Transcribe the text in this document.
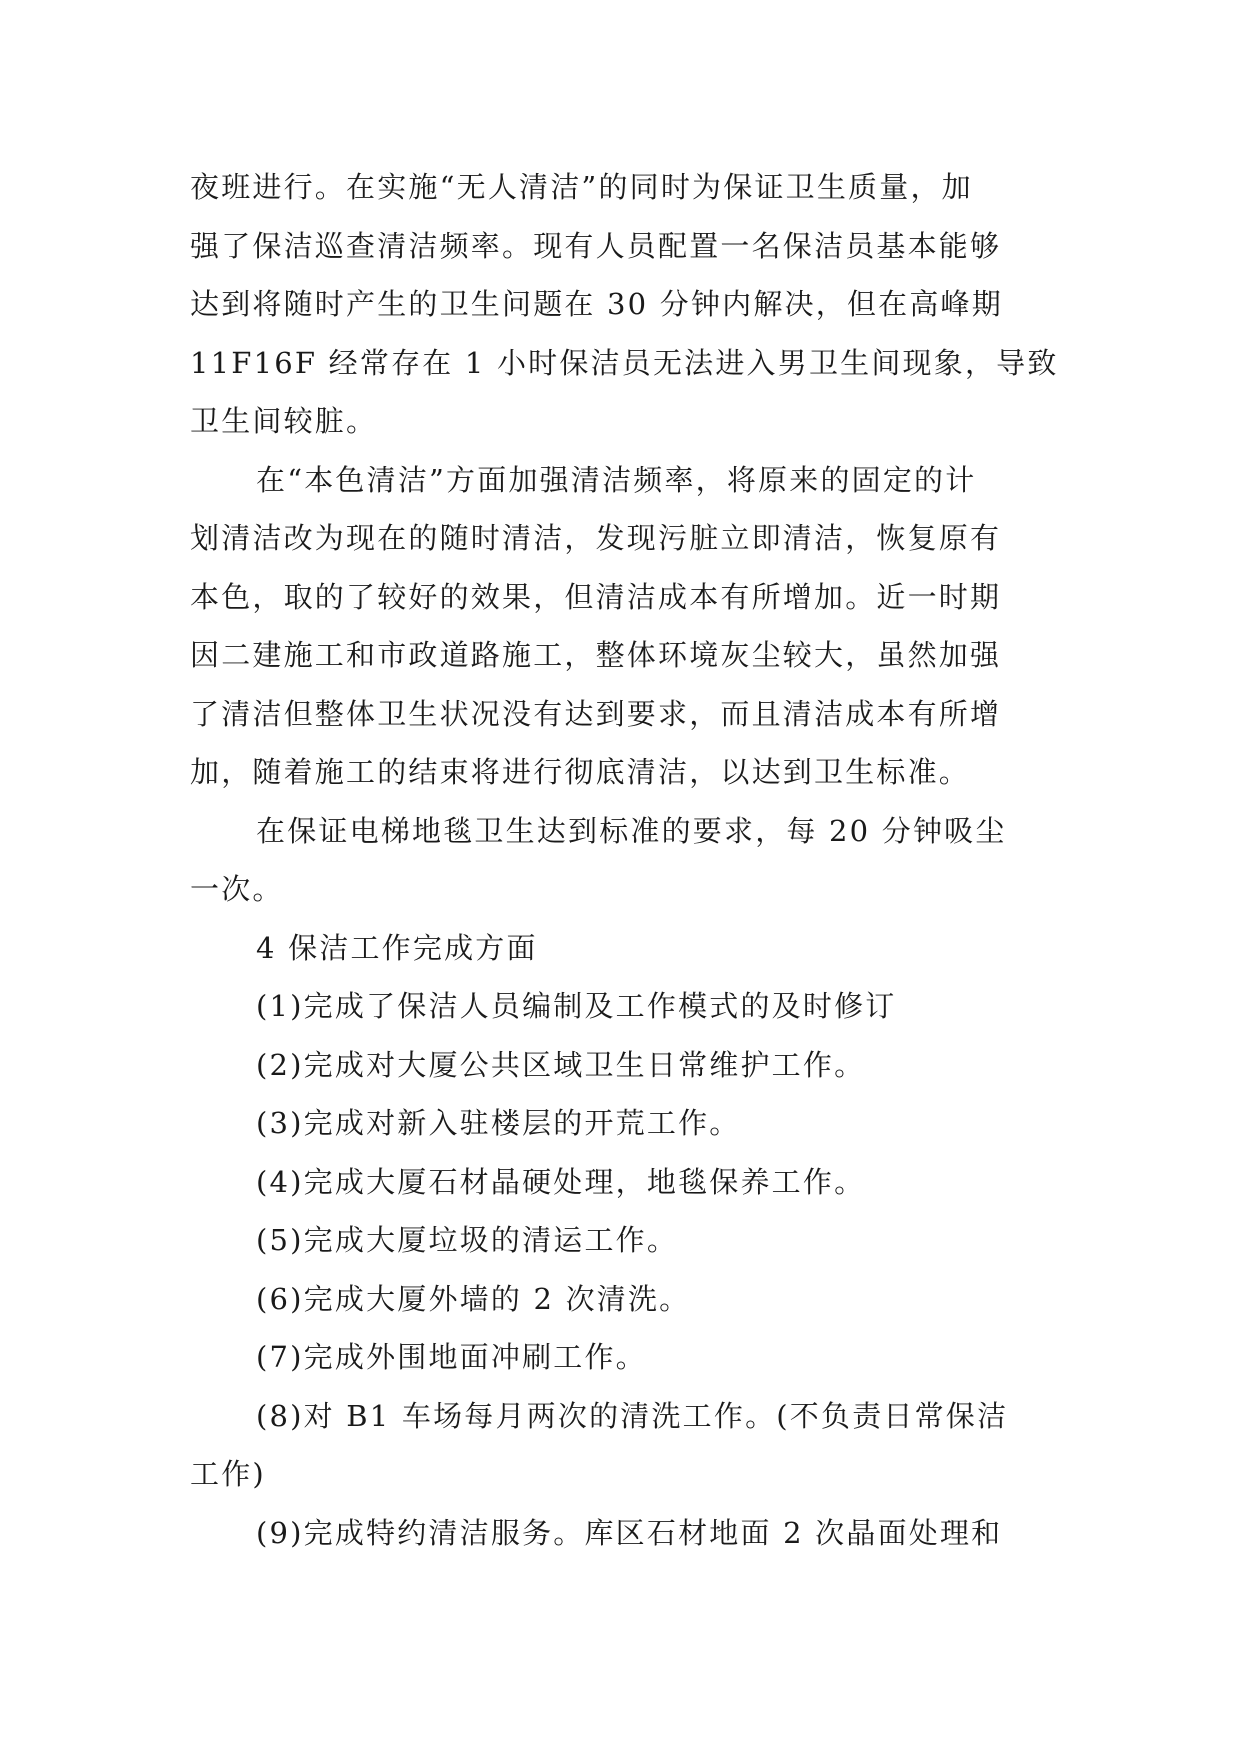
夜班进行。在实施“无人清洁”的同时为保证卫生质量，加
强了保洁巡查清洁频率。现有人员配置一名保洁员基本能够
达到将随时产生的卫生问题在 30 分钟内解决，但在高峰期
11F16F 经常存在 1 小时保洁员无法进入男卫生间现象，导致
卫生间较脏。
在“本色清洁”方面加强清洁频率，将原来的固定的计
划清洁改为现在的随时清洁，发现污脏立即清洁，恢复原有
本色，取的了较好的效果，但清洁成本有所增加。近一时期
因二建施工和市政道路施工，整体环境灰尘较大，虽然加强
了清洁但整体卫生状况没有达到要求，而且清洁成本有所增
加，随着施工的结束将进行彻底清洁，以达到卫生标准。
在保证电梯地毯卫生达到标准的要求，每 20 分钟吸尘
一次。
4 保洁工作完成方面
(1)完成了保洁人员编制及工作模式的及时修订
(2)完成对大厦公共区域卫生日常维护工作。
(3)完成对新入驻楼层的开荒工作。
(4)完成大厦石材晶硬处理，地毯保养工作。
(5)完成大厦垃圾的清运工作。
(6)完成大厦外墙的 2 次清洗。
(7)完成外围地面冲刷工作。
(8)对 B1 车场每月两次的清洗工作。(不负责日常保洁
工作)
(9)完成特约清洁服务。库区石材地面 2 次晶面处理和
